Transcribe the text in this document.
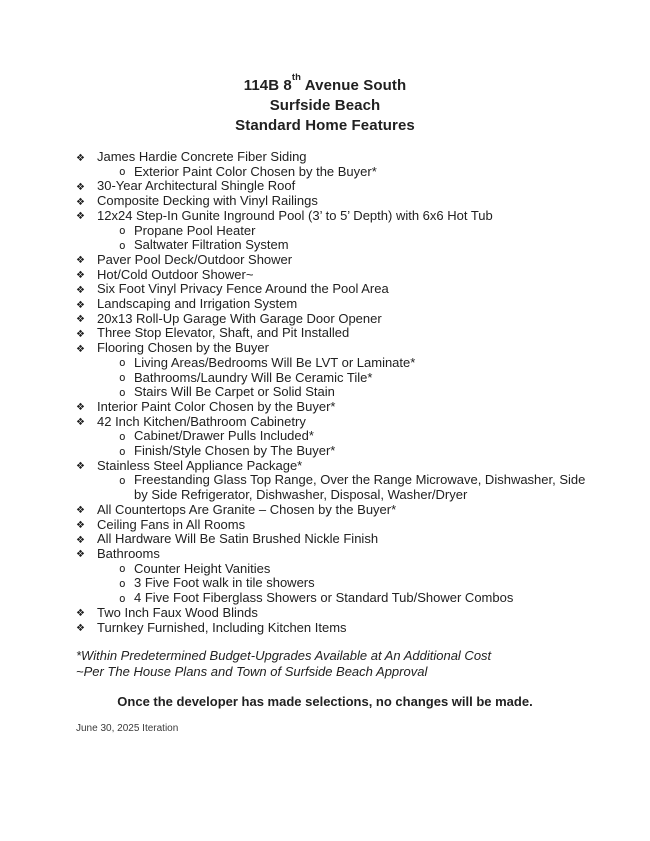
114B 8th Avenue South
Surfside Beach
Standard Home Features
❖ James Hardie Concrete Fiber Siding
o Exterior Paint Color Chosen by the Buyer*
❖ 30-Year Architectural Shingle Roof
❖ Composite Decking with Vinyl Railings
❖ 12x24 Step-In Gunite Inground Pool (3’ to 5’ Depth) with 6x6 Hot Tub
o Propane Pool Heater
o Saltwater Filtration System
❖ Paver Pool Deck/Outdoor Shower
❖ Hot/Cold Outdoor Shower~
❖ Six Foot Vinyl Privacy Fence Around the Pool Area
❖ Landscaping and Irrigation System
❖ 20x13 Roll-Up Garage With Garage Door Opener
❖ Three Stop Elevator, Shaft, and Pit Installed
❖ Flooring Chosen by the Buyer
o Living Areas/Bedrooms Will Be LVT or Laminate*
o Bathrooms/Laundry Will Be Ceramic Tile*
o Stairs Will Be Carpet or Solid Stain
❖ Interior Paint Color Chosen by the Buyer*
❖ 42 Inch Kitchen/Bathroom Cabinetry
o Cabinet/Drawer Pulls Included*
o Finish/Style Chosen by The Buyer*
❖ Stainless Steel Appliance Package*
o Freestanding Glass Top Range, Over the Range Microwave, Dishwasher, Side by Side Refrigerator, Dishwasher, Disposal, Washer/Dryer
❖ All Countertops Are Granite – Chosen by the Buyer*
❖ Ceiling Fans in All Rooms
❖ All Hardware Will Be Satin Brushed Nickle Finish
❖ Bathrooms
o Counter Height Vanities
o 3 Five Foot walk in tile showers
o 4 Five Foot Fiberglass Showers or Standard Tub/Shower Combos
❖ Two Inch Faux Wood Blinds
❖ Turnkey Furnished, Including Kitchen Items
*Within Predetermined Budget-Upgrades Available at An Additional Cost
~Per The House Plans and Town of Surfside Beach Approval
Once the developer has made selections, no changes will be made.
June 30, 2025 Iteration
